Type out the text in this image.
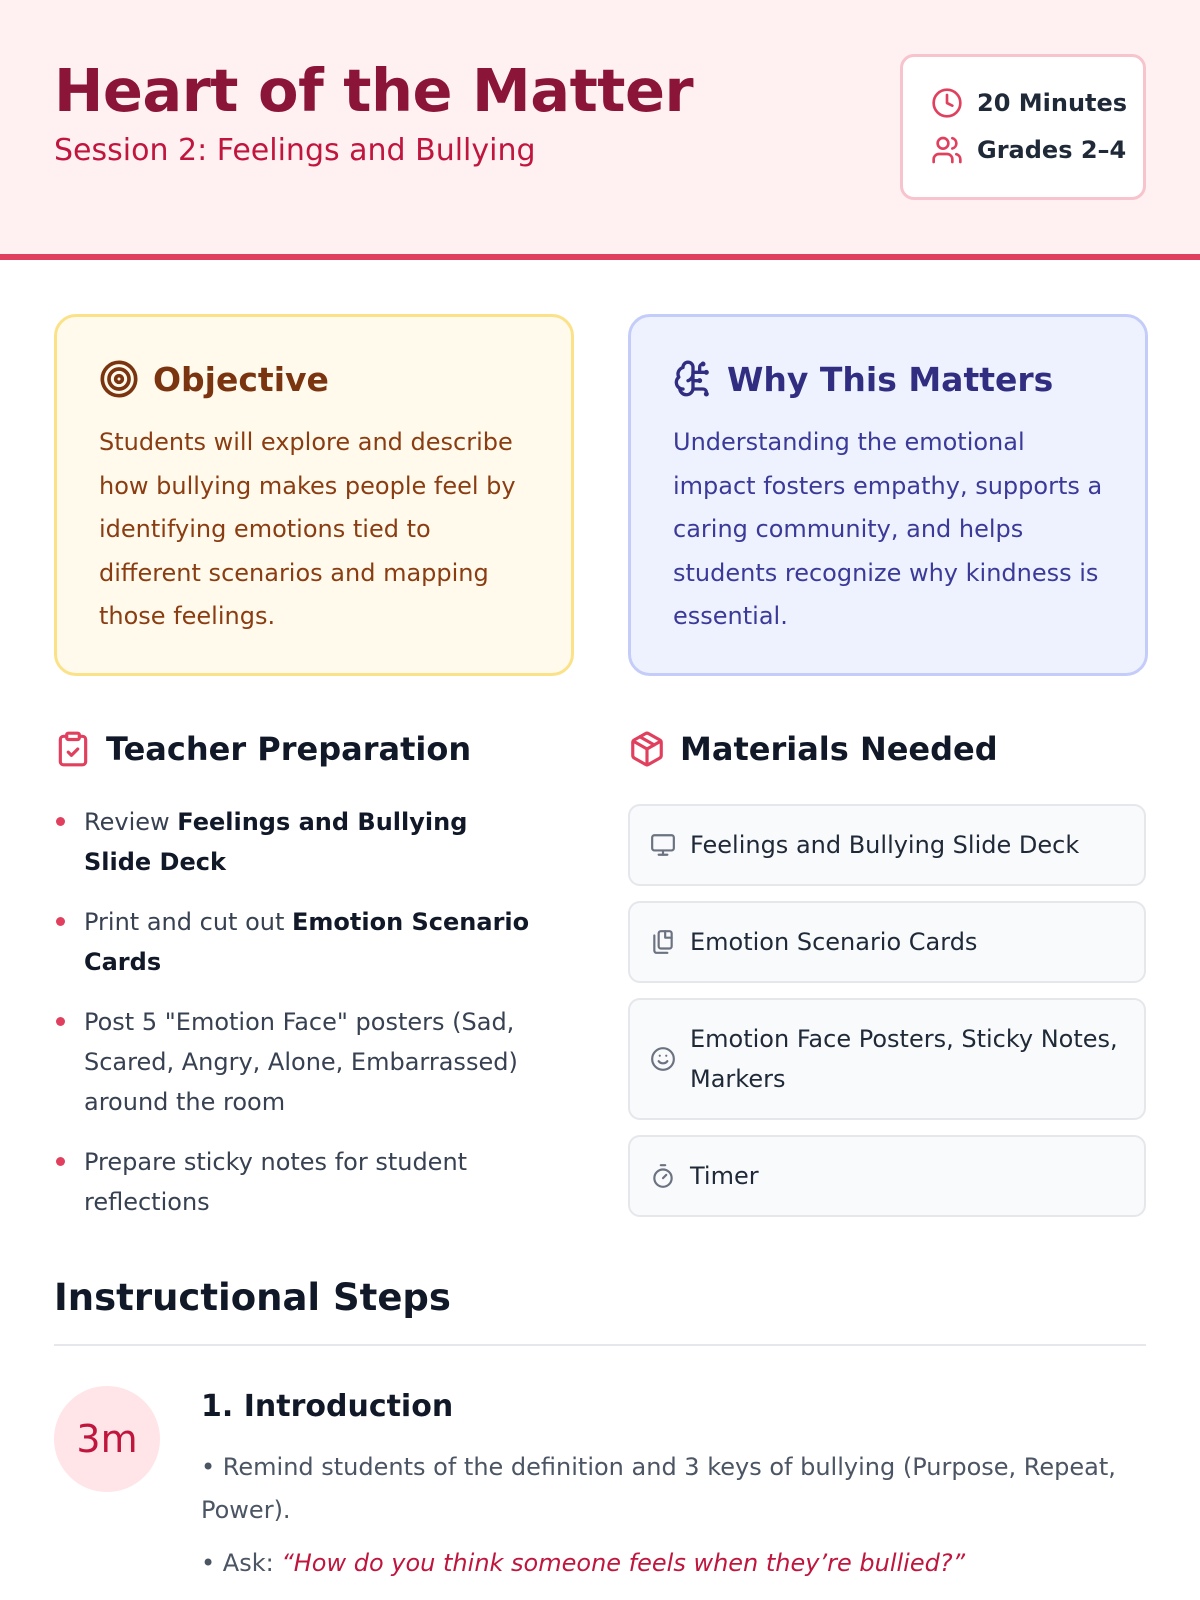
Heart of the Matter
Session 2: Feelings and Bullying
20 Minutes
Grades 2–4
Objective
Students will explore and describe how bullying makes people feel by identifying emotions tied to different scenarios and mapping those feelings.
Why This Matters
Understanding the emotional impact fosters empathy, supports a caring community, and helps students recognize why kindness is essential.
Teacher Preparation
Review Feelings and Bullying Slide Deck
Print and cut out Emotion Scenario Cards
Post 5 "Emotion Face" posters (Sad, Scared, Angry, Alone, Embarrassed) around the room
Prepare sticky notes for student reflections
Materials Needed
Feelings and Bullying Slide Deck
Emotion Scenario Cards
Emotion Face Posters, Sticky Notes, Markers
Timer
Instructional Steps
3m
1. Introduction
• Remind students of the definition and 3 keys of bullying (Purpose, Repeat, Power).
• Ask: “How do you think someone feels when they’re bullied?”
